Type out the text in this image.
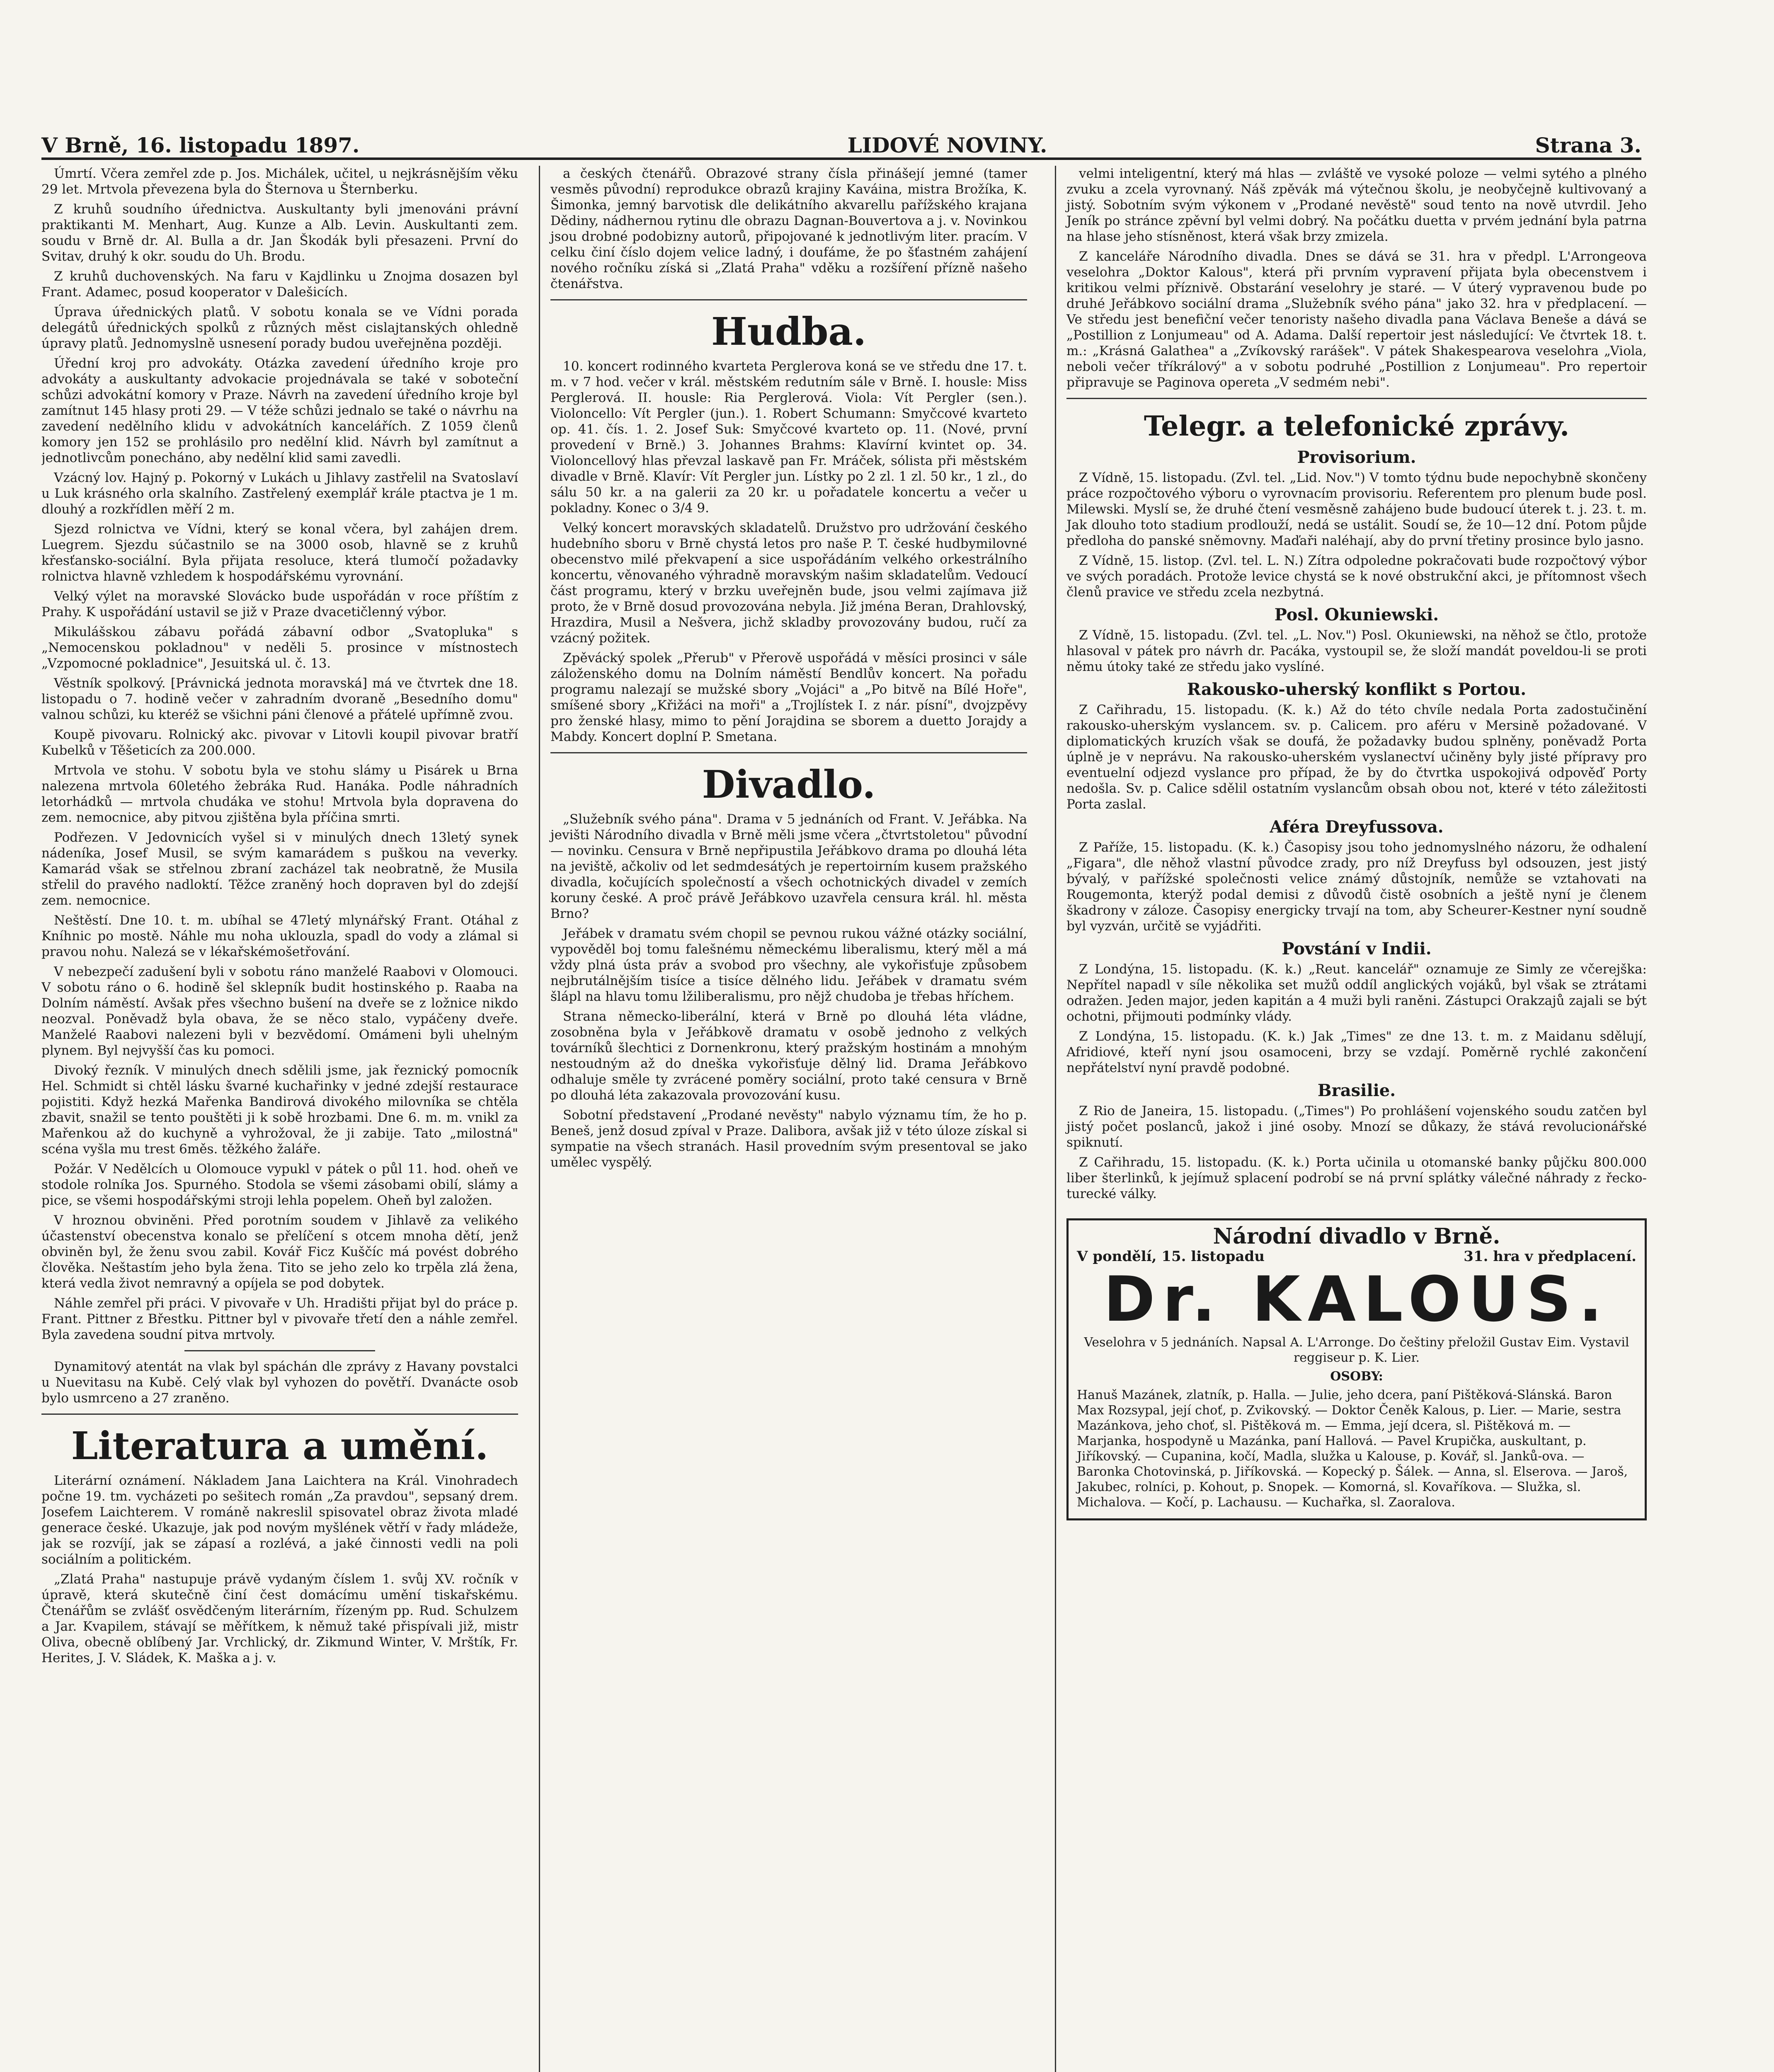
V Brně, 16. listopadu 1897.	LIDOVÉ NOVINY.	Strana 3.

Úmrtí. Včera zemřel zde p. Jos. Michálek, učitel, u nejkrásnějším věku 29 let. Mrtvola převezena byla do Šternova u Šternberku.

Z kruhů soudního úřednictva. Auskultanty byli jmenováni právní praktikanti M. Menhart, Aug. Kunze a Alb. Levin. Auskultanti zem. soudu v Brně dr. Al. Bulla a dr. Jan Škodák byli přesazeni. První do Svitav, druhý k okr. soudu do Uh. Brodu.

Z kruhů duchovenských. Na faru v Kajdlinku u Znojma dosazen byl Frant. Adamec, posud kooperator v Dalešicích.

Úprava úřednických platů. V sobotu konala se ve Vídni porada delegátů úřednických spolků z různých měst cislajtanských ohledně úpravy platů. Jednomyslně usnesení porady budou uveřejněna později.

Úřední kroj pro advokáty. Otázka zavedení úředního kroje pro advokáty a auskultanty advokacie projednávala se také v soboteční schůzi advokátní komory v Praze. Návrh na zavedení úředního kroje byl zamítnut 145 hlasy proti 29. — V téže schůzi jednalo se také o návrhu na zavedení nedělního klidu v advokátních kancelářích. Z 1059 členů komory jen 152 se prohlásilo pro nedělní klid. Návrh byl zamítnut a jednotlivcům ponecháno, aby nedělní klid sami zavedli.

Vzácný lov. Hajný p. Pokorný v Lukách u Jihlavy zastřelil na Svatoslaví u Luk krásného orla skalního. Zastřelený exemplář krále ptactva je 1 m. dlouhý a rozkřídlen měří 2 m.

Sjezd rolnictva ve Vídni, který se konal včera, byl zahájen drem. Luegrem. Sjezdu súčastnilo se na 3000 osob, hlavně se z kruhů křesťansko-sociální. Byla přijata resoluce, která tlumočí požadavky rolnictva hlavně vzhledem k hospodářskému vyrovnání.

Velký výlet na moravské Slovácko bude uspořádán v roce příštím z Prahy. K uspořádání ustavil se již v Praze dvacetičlenný výbor.

Mikulášskou zábavu pořádá zábavní odbor „Svatopluka" s „Nemocenskou pokladnou" v neděli 5. prosince v místnostech „Vzpomocné pokladnice", Jesuitská ul. č. 13.

Věstník spolkový. [Právnická jednota moravská] má ve čtvrtek dne 18. listopadu o 7. hodině večer v zahradním dvoraně „Besedního domu" valnou schůzi, ku kteréž se všichni páni členové a přátelé upřímně zvou.

Koupě pivovaru. Rolnický akc. pivovar v Litovli koupil pivovar bratří Kubelků v Těšeticích za 200.000.

Mrtvola ve stohu. V sobotu byla ve stohu slámy u Pisárek u Brna nalezena mrtvola 60letého žebráka Rud. Hanáka. Podle náhradních letorhádků — mrtvola chudáka ve stohu! Mrtvola byla dopravena do zem. nemocnice, aby pitvou zjištěna byla příčina smrti.

Podřezen. V Jedovnicích vyšel si v minulých dnech 13letý synek nádeníka, Josef Musil, se svým kamarádem s puškou na veverky. Kamarád však se střelnou zbraní zacházel tak neobratně, že Musila střelil do pravého nadloktí. Těžce zraněný hoch dopraven byl do zdejší zem. nemocnice.

Neštěstí. Dne 10. t. m. ubíhal se 47letý mlynářský Frant. Otáhal z Kníhnic po mostě. Náhle mu noha uklouzla, spadl do vody a zlámal si pravou nohu. Nalezá se v lékařskémošetřování.

V nebezpečí zadušení byli v sobotu ráno manželé Raabovi v Olomouci. V sobotu ráno o 6. hodině šel sklepník budit hostinského p. Raaba na Dolním náměstí. Avšak přes všechno bušení na dveře se z ložnice nikdo neozval. Poněvadž byla obava, že se něco stalo, vypáčeny dveře. Manželé Raabovi nalezeni byli v bezvědomí. Omámeni byli uhelným plynem. Byl nejvyšší čas ku pomoci.

Divoký řezník. V minulých dnech sdělili jsme, jak řeznický pomocník Hel. Schmidt si chtěl lásku švarné kuchařinky v jedné zdejší restaurace pojistiti. Když hezká Mařenka Bandirová divokého milovníka se chtěla zbavit, snažil se tento pouštěti ji k sobě hrozbami. Dne 6. m. m. vnikl za Mařenkou až do kuchyně a vyhrožoval, že ji zabije. Tato „milostná" scéna vyšla mu trest 6měs. těžkého žaláře.

Požár. V Nedělcích u Olomouce vypukl v pátek o půl 11. hod. oheň ve stodole rolníka Jos. Spurného. Stodola se všemi zásobami obilí, slámy a pice, se všemi hospodářskými stroji lehla popelem. Oheň byl založen.

V hroznou obviněni. Před porotním soudem v Jihlavě za velikého účastenství obecenstva konalo se přelíčení s otcem mnoha dětí, jenž obviněn byl, že ženu svou zabil. Kovář Ficz Kuščíc má povést dobrého člověka. Neštastím jeho byla žena. Tito se jeho zelo ko trpěla zlá žena, která vedla život nemravný a opíjela se pod dobytek.

Náhle zemřel při práci. V pivovaře v Uh. Hradišti přijat byl do práce p. Frant. Pittner z Břestku. Pittner byl v pivovaře třetí den a náhle zemřel. Byla zavedena soudní pitva mrtvoly.

Dynamitový atentát na vlak byl spáchán dle zprávy z Havany povstalci u Nuevitasu na Kubě. Celý vlak byl vyhozen do povětří. Dvanácte osob bylo usmrceno a 27 zraněno.

Literatura a umění.

Literární oznámení. Nákladem Jana Laichtera na Král. Vinohradech počne 19. tm. vycházeti po sešitech román „Za pravdou", sepsaný drem. Josefem Laichterem. V románě nakreslil spisovatel obraz života mladé generace české. Ukazuje, jak pod novým myšlének větří v řady mládeže, jak se rozvíjí, jak se zápasí a rozlévá, a jaké činnosti vedli na poli sociálním a politickém.

„Zlatá Praha" nastupuje právě vydaným číslem 1. svůj XV. ročník v úpravě, která skutečně činí čest domácímu umění tiskařskému. Čtenářům se zvlášť osvědčeným literárním, řízeným pp. Rud. Schulzem a Jar. Kvapilem, stávají se měřítkem, k němuž také přispívali již, mistr Oliva, obecně oblíbený Jar. Vrchlický, dr. Zikmund Winter, V. Mrštík, Fr. Herites, J. V. Sládek, K. Maška a j. v.

a českých čtenářů. Obrazové strany čísla přinášejí jemné (tamer vesměs původní) reprodukce obrazů krajiny Kaváina, mistra Brožíka, K. Šimonka, jemný barvotisk dle delikátního akvarellu pařížského krajana Dědiny, nádhernou rytinu dle obrazu Dagnan-Bouvertova a j. v. Novinkou jsou drobné podobizny autorů, připojované k jednotlivým liter. pracím. V celku činí číslo dojem velice ladný, i doufáme, že po šťastném zahájení nového ročníku získá si „Zlatá Praha" vděku a rozšíření přízně našeho čtenářstva.

Hudba.

10. koncert rodinného kvarteta Perglerova koná se ve středu dne 17. t. m. v 7 hod. večer v král. městském redutním sále v Brně. I. housle: Miss Perglerová. II. housle: Ria Perglerová. Viola: Vít Pergler (sen.). Violoncello: Vít Pergler (jun.). 1. Robert Schumann: Smyčcové kvarteto op. 41. čís. 1. 2. Josef Suk: Smyčcové kvarteto op. 11. (Nové, první provedení v Brně.) 3. Johannes Brahms: Klavírní kvintet op. 34. Violoncellový hlas převzal laskavě pan Fr. Mráček, sólista při městském divadle v Brně. Klavír: Vít Pergler jun. Lístky po 2 zl. 1 zl. 50 kr., 1 zl., do sálu 50 kr. a na galerii za 20 kr. u pořadatele koncertu a večer u pokladny. Konec o 3/4 9.

Velký koncert moravských skladatelů. Družstvo pro udržování českého hudebního sboru v Brně chystá letos pro naše P. T. české hudbymilovné obecenstvo milé překvapení a sice uspořádáním velkého orkestrálního koncertu, věnovaného výhradně moravským našim skladatelům. Vedoucí část programu, který v brzku uveřejněn bude, jsou velmi zajímava již proto, že v Brně dosud provozována nebyla. Již jména Beran, Drahlovský, Hrazdira, Musil a Nešvera, jichž skladby provozovány budou, ručí za vzácný požitek.

Zpěvácký spolek „Přerub" v Přerově uspořádá v měsíci prosinci v sále záloženského domu na Dolním náměstí Bendlův koncert. Na pořadu programu nalezají se mužské sbory „Vojáci" a „Po bitvě na Bílé Hoře", smíšené sbory „Křižáci na moři" a „Trojlístek I. z nár. písní", dvojzpěvy pro ženské hlasy, mimo to pění Jorajdina se sborem a duetto Jorajdy a Mabdy. Koncert doplní P. Smetana.

Divadlo.

„Služebník svého pána". Drama v 5 jednáních od Frant. V. Jeřábka. Na jevišti Národního divadla v Brně měli jsme včera „čtvrtstoletou" původní — novinku. Censura v Brně nepřipustila Jeřábkovo drama po dlouhá léta na jeviště, ačkoliv od let sedmdesátých je repertoirním kusem pražského divadla, kočujících společností a všech ochotnických divadel v zemích koruny české. A proč právě Jeřábkovo uzavřela censura král. hl. města Brno?

Jeřábek v dramatu svém chopil se pevnou rukou vážné otázky sociální, vypověděl boj tomu falešnému německému liberalismu, který měl a má vždy plná ústa práv a svobod pro všechny, ale vykořisťuje způsobem nejbrutálnějším tisíce a tisíce dělného lidu. Jeřábek v dramatu svém šlápl na hlavu tomu lžiliberalismu, pro nějž chudoba je třebas hříchem.

Strana německo-liberální, která v Brně po dlouhá léta vládne, zosobněna byla v Jeřábkově dramatu v osobě jednoho z velkých továrníků šlechtici z Dornenkronu, který pražským hostinám a mnohým nestoudným až do dneška vykořisťuje dělný lid. Drama Jeřábkovo odhaluje směle ty zvrácené poměry sociální, proto také censura v Brně po dlouhá léta zakazovala provozování kusu.

Sobotní představení „Prodané nevěsty" nabylo významu tím, že ho p. Beneš, jenž dosud zpíval v Praze. Dalibora, avšak již v této úloze získal si sympatie na všech stranách. Hasil provedním svým presentoval se jako umělec vyspělý.

velmi inteligentní, který má hlas — zvláště ve vysoké poloze — velmi sytého a plného zvuku a zcela vyrovnaný. Náš zpěvák má výtečnou školu, je neobyčejně kultivovaný a jistý. Sobotním svým výkonem v „Prodané nevěstě" soud tento na nově utvrdil. Jeho Jeník po stránce zpěvní byl velmi dobrý. Na počátku duetta v prvém jednání byla patrna na hlase jeho stísněnost, která však brzy zmizela.

Z kanceláře Národního divadla. Dnes se dává se 31. hra v předpl. L'Arrongeova veselohra „Doktor Kalous", která při prvním vypravení přijata byla obecenstvem i kritikou velmi příznivě. Obstarání veselohry je staré. — V úterý vypravenou bude po druhé Jeřábkovo sociální drama „Služebník svého pána" jako 32. hra v předplacení. — Ve středu jest benefiční večer tenoristy našeho divadla pana Václava Beneše a dává se „Postillion z Lonjumeau" od A. Adama. Další repertoir jest následující: Ve čtvrtek 18. t. m.: „Krásná Galathea" a „Zvíkovský rarášek". V pátek Shakespearova veselohra „Viola, neboli večer tříkrálový" a v sobotu podruhé „Postillion z Lonjumeau". Pro repertoir připravuje se Paginova opereta „V sedmém nebi".

Telegr. a telefonické zprávy.
Provisorium.

Z Vídně, 15. listopadu. (Zvl. tel. „Lid. Nov.") V tomto týdnu bude nepochybně skončeny práce rozpočtového výboru o vyrovnacím provisoriu. Referentem pro plenum bude posl. Milewski. Myslí se, že druhé čtení vesměsně zahájeno bude budoucí úterek t. j. 23. t. m. Jak dlouho toto stadium prodlouží, nedá se ustálit. Soudí se, že 10—12 dní. Potom půjde předloha do panské sněmovny. Maďaři naléhají, aby do první třetiny prosince bylo jasno.

Z Vídně, 15. listop. (Zvl. tel. L. N.) Zítra odpoledne pokračovati bude rozpočtový výbor ve svých poradách. Protože levice chystá se k nové obstrukční akci, je přítomnost všech členů pravice ve středu zcela nezbytná.

Posl. Okuniewski.

Z Vídně, 15. listopadu. (Zvl. tel. „L. Nov.") Posl. Okuniewski, na něhož se čtlo, protože hlasoval v pátek pro návrh dr. Pacáka, vystoupil se, že složí mandát poveldou-li se proti němu útoky také ze středu jako vyslíné.

Rakousko-uherský konflikt s Portou.

Z Cařihradu, 15. listopadu. (K. k.) Až do této chvíle nedala Porta zadostučinění rakousko-uherským vyslancem. sv. p. Calicem. pro aféru v Mersině požadované. V diplomatických kruzích však se doufá, že požadavky budou splněny, poněvadž Porta úplně je v neprávu. Na rakousko-uherském vyslanectví učiněny byly jisté přípravy pro eventuelní odjezd vyslance pro případ, že by do čtvrtka uspokojivá odpověď Porty nedošla. Sv. p. Calice sdělil ostatním vyslancům obsah obou not, které v této záležitosti Porta zaslal.

Aféra Dreyfussova.

Z Paříže, 15. listopadu. (K. k.) Časopisy jsou toho jednomyslného názoru, že odhalení „Figara", dle něhož vlastní původce zrady, pro níž Dreyfuss byl odsouzen, jest jistý bývalý, v pařížské společnosti velice známý důstojník, nemůže se vztahovati na Rougemonta, kterýž podal demisi z důvodů čistě osobních a ještě nyní je členem škadrony v záloze. Časopisy energicky trvají na tom, aby Scheurer-Kestner nyní soudně byl vyzván, určitě se vyjádřiti.

Povstání v Indii.

Z Londýna, 15. listopadu. (K. k.) „Reut. kancelář" oznamuje ze Simly ze včerejška: Nepřítel napadl v síle několika set mužů oddíl anglických vojáků, byl však se ztrátami odražen. Jeden major, jeden kapitán a 4 muži byli raněni. Zástupci Orakzajů zajali se být ochotni, přijmouti podmínky vlády.

Z Londýna, 15. listopadu. (K. k.) Jak „Times" ze dne 13. t. m. z Maidanu sdělují, Afridiové, kteří nyní jsou osamoceni, brzy se vzdají. Poměrně rychlé zakončení nepřátelství nyní pravdě podobné.

Brasilie.

Z Rio de Janeira, 15. listopadu. („Times") Po prohlášení vojenského soudu zatčen byl jistý počet poslanců, jakož i jiné osoby. Mnozí se důkazy, že stává revolucionářské spiknutí.

Z Cařihradu, 15. listopadu. (K. k.) Porta učinila u otomanské banky půjčku 800.000 liber šterlinků, k jejímuž splacení podrobí se ná první splátky válečné náhrady z řecko-turecké války.

Národní divadlo v Brně.
V pondělí, 15. listopadu	31. hra v předplacení.
Dr. KALOUS.
Veselohra v 5 jednáních. Napsal A. L'Arronge. Do češtiny přeložil Gustav Eim. Vystavil reggiseur p. K. Lier.
OSOBY:
Hanuš Mazánek, zlatník, p. Halla. — Julie, jeho dcera, paní Pištěková-Slánská. Baron Max Rozsypal, její choť, p. Zvikovský. — Doktor Čeněk Kalous, p. Lier. — Marie, sestra Mazánkova, jeho choť, sl. Pištěková m. — Emma, její dcera, sl. Pištěková m. — Marjanka, hospodyně u Mazánka, paní Hallová. — Pavel Krupička, auskultant, p. Jiříkovský. — Cupanina, kočí, Madla, služka u Kalouse, p. Kovář, sl. Janků-ova. — Baronka Chotovinská, p. Jiříkovská. — Kopecký p. Šálek. — Anna, sl. Elserova. — Jaroš, Jakubec, rolníci, p. Kohout, p. Snopek. — Komorná, sl. Kovaříkova. — Služka, sl. Michalova. — Kočí, p. Lachausu. — Kuchařka, sl. Zaoralova.
